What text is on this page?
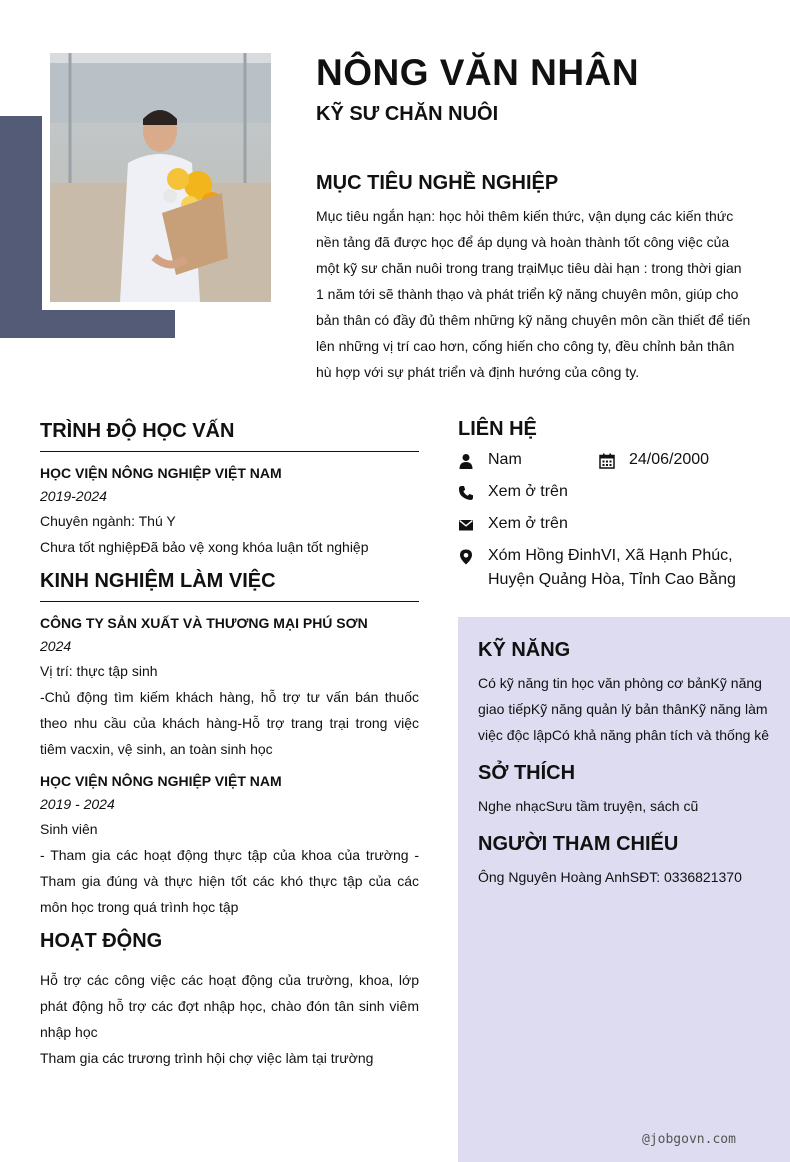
NÔNG VĂN NHÂN
KỸ SƯ CHĂN NUÔI
MỤC TIÊU NGHỀ NGHIỆP

Mục tiêu ngắn hạn: học hỏi thêm kiến thức, vận dụng các kiến thức nền tảng đã được học để áp dụng và hoàn thành tốt công việc của một kỹ sư chăn nuôi trong trang trạiMục tiêu dài hạn : trong thời gian 1 năm tới sẽ thành thạo và phát triển kỹ năng chuyên môn, giúp cho bản thân có đầy đủ thêm những kỹ năng chuyên môn cần thiết để tiến lên những vị trí cao hơn, cống hiến cho công ty, đều chỉnh bản thân hù hợp với sự phát triển và định hướng của công ty.

TRÌNH ĐỘ HỌC VẤN

HỌC VIỆN NÔNG NGHIỆP VIỆT NAM

2019-2024

Chuyên ngành: Thú Y

Chưa tốt nghiệpĐã bảo vệ xong khóa luận tốt nghiệp

KINH NGHIỆM LÀM VIỆC

CÔNG TY SẢN XUẤT VÀ THƯƠNG MẠI PHÚ SƠN

2024

Vị trí: thực tập sinh

-Chủ động tìm kiếm khách hàng, hỗ trợ tư vấn bán thuốc theo nhu cầu của khách hàng-Hỗ trợ trang trại trong việc tiêm vacxin, vệ sinh, an toàn sinh học

HỌC VIỆN NÔNG NGHIỆP VIỆT NAM

2019 - 2024

Sinh viên

- Tham gia các hoạt động thực tập của khoa của trường - Tham gia đúng và thực hiện tốt các khó thực tập của các môn học trong quá trình học tập

HOẠT ĐỘNG

Hỗ trợ các công việc các hoạt động của trường, khoa, lớp phát động hỗ trợ các đợt nhập học, chào đón tân sinh viêm nhập học

Tham gia các trương trình hội chợ việc làm tại trường

LIÊN HỆ
Nam	24/06/2000
Xem ở trên
Xem ở trên
Xóm Hồng ĐinhVI, Xã Hạnh Phúc, Huyện Quảng Hòa, Tỉnh Cao Bằng
KỸ NĂNG

Có kỹ năng tin học văn phòng cơ bảnKỹ năng giao tiếpKỹ năng quản lý bản thânKỹ năng làm việc độc lậpCó khả năng phân tích và thống kê

SỞ THÍCH

Nghe nhạcSưu tầm truyện, sách cũ

NGƯỜI THAM CHIẾU

Ông Nguyên Hoàng AnhSĐT: 0336821370

@jobgovn.com
